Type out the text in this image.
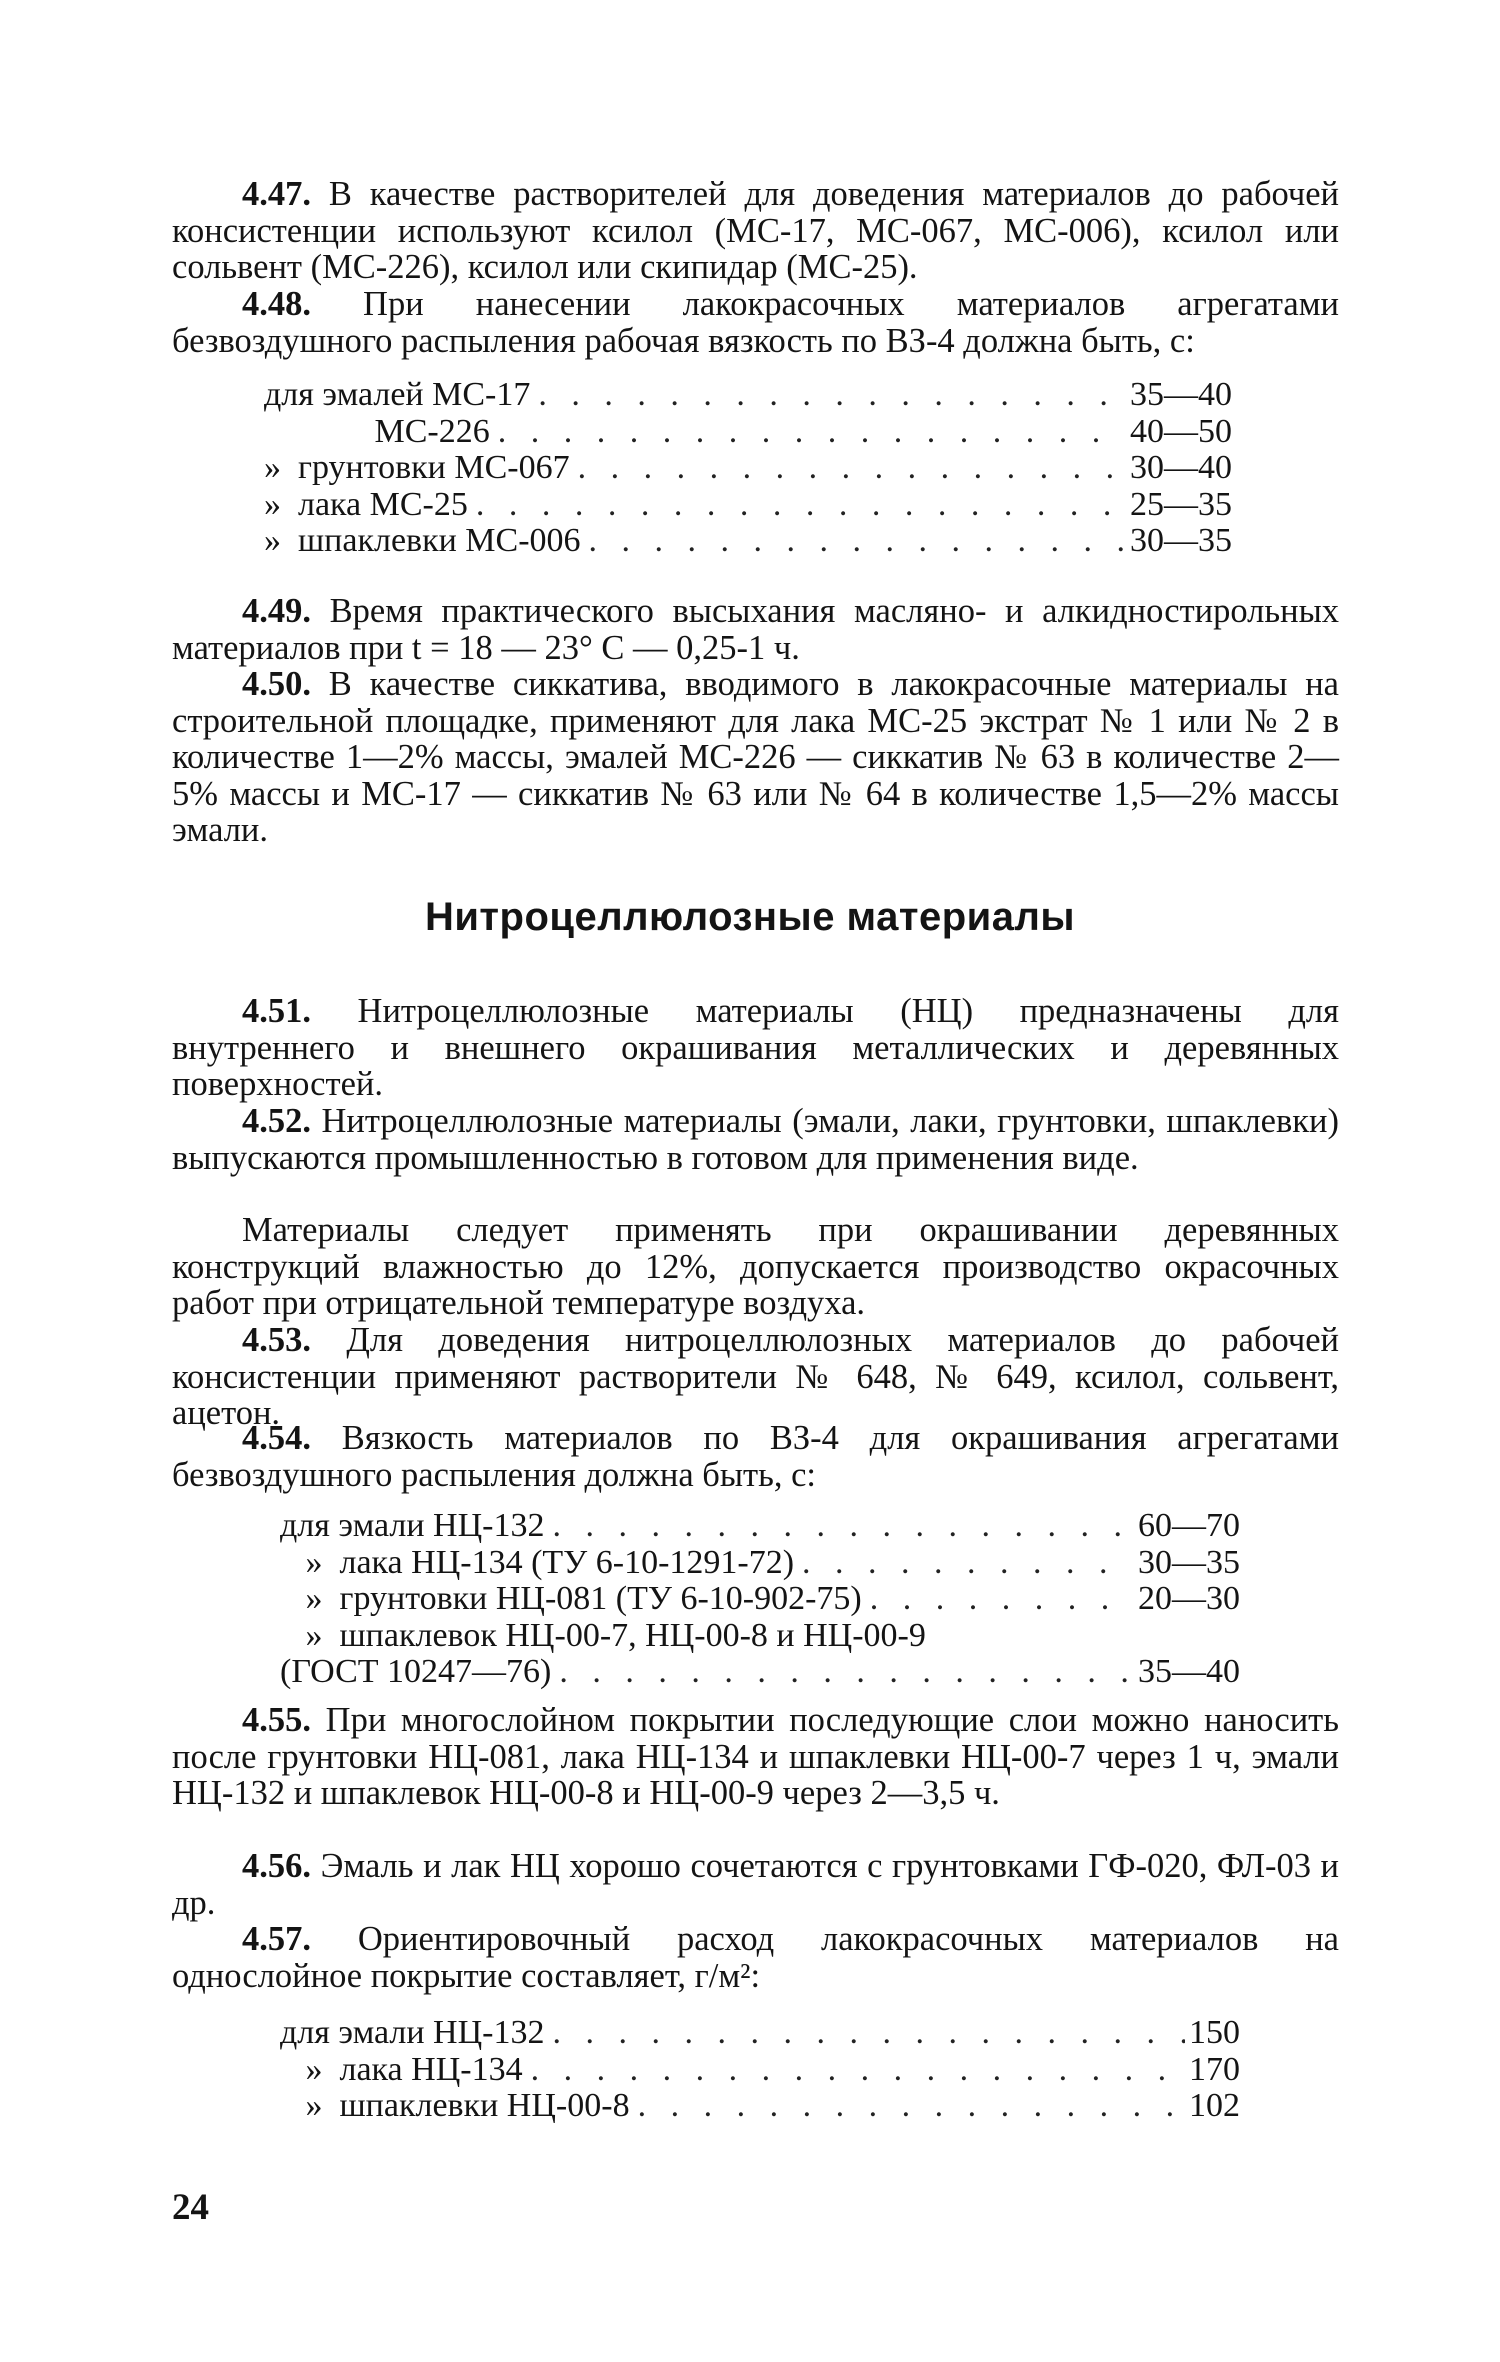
4.47. В качестве растворителей для доведения материалов до рабочей консистенции используют ксилол (МС-17, МС-067, МС-006), ксилол или сольвент (МС-226), ксилол или скипидар (МС-25).

4.48. При нанесении лакокрасочных материалов агрегатами безвоздушного распыления рабочая вязкость по ВЗ-4 должна быть, с:

для эмалей МС-17 . . .	35—40
МС-226 . . .	40—50
»  грунтовки МС-067 . . .	30—40
»  лака МС-25 . . .	25—35
»  шпаклевки МС-006 . . .	30—35

4.49. Время практического высыхания масляно- и алкидностирольных материалов при t = 18 — 23° С — 0,25-1 ч.

4.50. В качестве сиккатива, вводимого в лакокрасочные материалы на строительной площадке, применяют для лака МС-25 экстрат № 1 или № 2 в количестве 1—2% массы, эмалей МС-226 — сиккатив № 63 в количестве 2—5% массы и МС-17 — сиккатив № 63 или № 64 в количестве 1,5—2% массы эмали.

Нитроцеллюлозные материалы

4.51. Нитроцеллюлозные материалы (НЦ) предназначены для внутреннего и внешнего окрашивания металлических и деревянных поверхностей.

4.52. Нитроцеллюлозные материалы (эмали, лаки, грунтовки, шпаклевки) выпускаются промышленностью в готовом для применения виде.

Материалы следует применять при окрашивании деревянных конструкций влажностью до 12%, допускается производство окрасочных работ при отрицательной температуре воздуха.

4.53. Для доведения нитроцеллюлозных материалов до рабочей консистенции применяют растворители № 648, № 649, ксилол, сольвент, ацетон.

4.54. Вязкость материалов по ВЗ-4 для окрашивания агрегатами безвоздушного распыления должна быть, с:

для эмали НЦ-132 . . .	60—70
»  лака НЦ-134 (ТУ 6-10-1291-72) . . .	30—35
»  грунтовки НЦ-081 (ТУ 6-10-902-75) . . .	20—30
»  шпаклевок НЦ-00-7, НЦ-00-8 и НЦ-00-9
(ГОСТ 10247—76) . . .	35—40

4.55. При многослойном покрытии последующие слои можно наносить после грунтовки НЦ-081, лака НЦ-134 и шпаклевки НЦ-00-7 через 1 ч, эмали НЦ-132 и шпаклевок НЦ-00-8 и НЦ-00-9 через 2—3,5 ч.

4.56. Эмаль и лак НЦ хорошо сочетаются с грунтовками ГФ-020, ФЛ-03 и др.

4.57. Ориентировочный расход лакокрасочных материалов на однослойное покрытие составляет, г/м²:

для эмали НЦ-132 . . .	150
»  лака НЦ-134 . . .	170
»  шпаклевки НЦ-00-8 . . .	102
24
